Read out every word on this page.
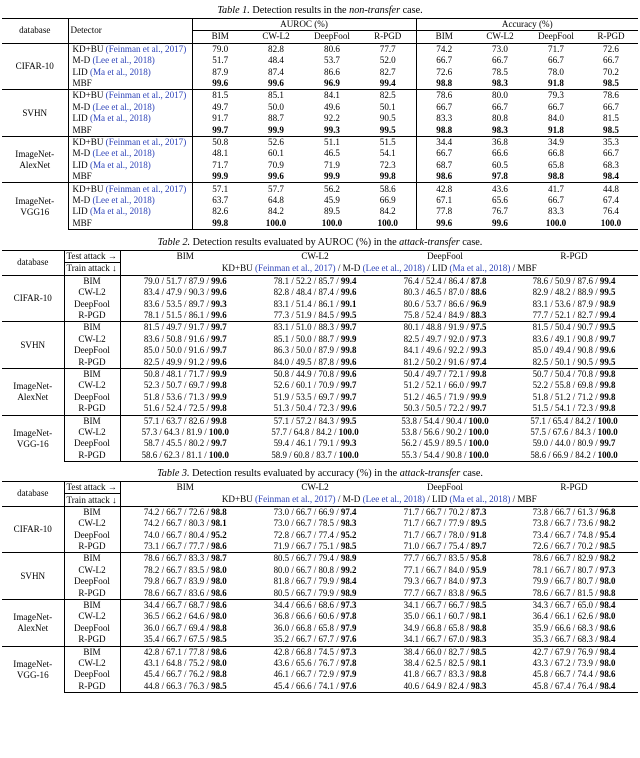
Table 1. Detection results in the non-transfer case.
database	Detector	AUROC (%)				Accuracy (%)			
		BIM	CW-L2	DeepFool	R-PGD	BIM	CW-L2	DeepFool	R-PGD
CIFAR-10	KD+BU (Feinman et al., 2017)	79.0	82.8	80.6	77.7	74.2	73.0	71.7	72.6
	M-D (Lee et al., 2018)	51.7	48.4	53.7	52.0	66.7	66.7	66.7	66.7
	LID (Ma et al., 2018)	87.9	87.4	86.6	82.7	72.6	78.5	78.0	70.2
	MBF	99.6	99.6	96.9	99.4	98.8	98.3	91.8	98.5
SVHN	KD+BU (Feinman et al., 2017)	81.5	85.1	84.1	82.5	78.6	80.0	79.3	78.6
	M-D (Lee et al., 2018)	49.7	50.0	49.6	50.1	66.7	66.7	66.7	66.7
	LID (Ma et al., 2018)	91.7	88.7	92.2	90.5	83.3	80.8	84.0	81.5
	MBF	99.7	99.9	99.3	99.5	98.8	98.3	91.8	98.5

ImageNet-
AlexNet	KD+BU (Feinman et al., 2017)	50.8	52.6	51.1	51.5	34.4	36.8	34.9	35.3
	M-D (Lee et al., 2018)	48.1	60.1	46.5	54.1	66.7	66.6	66.8	66.7
	LID (Ma et al., 2018)	71.7	70.9	71.9	72.3	68.7	60.5	65.8	68.3
	MBF	99.9	99.6	99.9	99.8	98.6	97.8	98.8	98.4

ImageNet-
VGG16	KD+BU (Feinman et al., 2017)	57.1	57.7	56.2	58.6	42.8	43.6	41.7	44.8
	M-D (Lee et al., 2018)	63.7	64.8	45.9	66.9	67.1	65.6	66.7	67.4
	LID (Ma et al., 2018)	82.6	84.2	89.5	84.2	77.8	76.7	83.3	76.4
	MBF	99.8	100.0	100.0	100.0	99.6	99.6	100.0	100.0
Table 2. Detection results evaluated by AUROC (%) in the attack-transfer case.
database	Test attack →	BIM	CW-L2	DeepFool	R-PGD
	Train attack ↓	KD+BU (Feinman et al., 2017) / M-D (Lee et al., 2018) / LID (Ma et al., 2018) / MBF			
CIFAR-10	BIM	79.0 / 51.7 / 87.9 / 99.6	78.1 / 52.2 / 85.7 / 99.4	76.4 / 52.4 / 86.4 / 87.8	78.6 / 50.9 / 87.6 / 99.4
	CW-L2	83.4 / 47.9 / 90.3 / 99.6	82.8 / 48.4 / 87.4 / 99.6	80.3 / 46.5 / 87.0 / 88.6	82.9 / 48.2 / 88.9 / 99.5
	DeepFool	83.6 / 53.5 / 89.7 / 99.3	83.1 / 51.4 / 86.1 / 99.1	80.6 / 53.7 / 86.6 / 96.9	83.1 / 53.6 / 87.9 / 98.9
	R-PGD	78.1 / 51.5 / 86.1 / 99.6	77.3 / 51.9 / 84.5 / 99.5	75.8 / 52.4 / 84.9 / 88.3	77.7 / 52.1 / 82.7 / 99.4
SVHN	BIM	81.5 / 49.7 / 91.7 / 99.7	83.1 / 51.0 / 88.3 / 99.7	80.1 / 48.8 / 91.9 / 97.5	81.5 / 50.4 / 90.7 / 99.5
	CW-L2	83.6 / 50.8 / 91.6 / 99.7	85.1 / 50.0 / 88.7 / 99.9	82.5 / 49.7 / 92.0 / 97.3	83.6 / 49.1 / 90.8 / 99.7
	DeepFool	85.0 / 50.0 / 91.6 / 99.7	86.3 / 50.0 / 87.9 / 99.8	84.1 / 49.6 / 92.2 / 99.3	85.0 / 49.4 / 90.8 / 99.6
	R-PGD	82.5 / 49.9 / 91.2 / 99.6	84.0 / 49.5 / 87.8 / 99.6	81.2 / 50.2 / 91.6 / 97.4	82.5 / 50.1 / 90.5 / 99.5

ImageNet-
AlexNet	BIM	50.8 / 48.1 / 71.7 / 99.9	50.8 / 44.9 / 70.8 / 99.6	50.4 / 49.7 / 72.1 / 99.8	50.7 / 50.4 / 70.8 / 99.8
	CW-L2	52.3 / 50.7 / 69.7 / 99.8	52.6 / 60.1 / 70.9 / 99.7	51.2 / 52.1 / 66.0 / 99.7	52.2 / 55.8 / 69.8 / 99.8
	DeepFool	51.8 / 53.6 / 71.3 / 99.9	51.9 / 53.5 / 69.7 / 99.7	51.2 / 46.5 / 71.9 / 99.9	51.8 / 51.2 / 71.2 / 99.8
	R-PGD	51.6 / 52.4 / 72.5 / 99.8	51.3 / 50.4 / 72.3 / 99.6	50.3 / 50.5 / 72.2 / 99.7	51.5 / 54.1 / 72.3 / 99.8

ImageNet-
VGG-16	BIM	57.1 / 63.7 / 82.6 / 99.8	57.1 / 57.2 / 84.3 / 99.5	53.8 / 54.4 / 90.4 / 100.0	57.1 / 65.4 / 84.2 / 100.0
	CW-L2	57.3 / 64.3 / 81.9 / 100.0	57.7 / 64.8 / 84.2 / 100.0	53.8 / 56.6 / 90.2 / 100.0	57.5 / 67.6 / 84.3 / 100.0
	DeepFool	58.7 / 45.5 / 80.2 / 99.7	59.4 / 46.1 / 79.1 / 99.3	56.2 / 45.9 / 89.5 / 100.0	59.0 / 44.0 / 80.9 / 99.7
	R-PGD	58.6 / 62.3 / 81.1 / 100.0	58.9 / 60.8 / 83.7 / 100.0	55.3 / 54.4 / 90.8 / 100.0	58.6 / 66.9 / 84.2 / 100.0
Table 3. Detection results evaluated by accuracy (%) in the attack-transfer case.
database	Test attack →	BIM	CW-L2	DeepFool	R-PGD
	Train attack ↓	KD+BU (Feinman et al., 2017) / M-D (Lee et al., 2018) / LID (Ma et al., 2018) / MBF			
CIFAR-10	BIM	74.2 / 66.7 / 72.6 / 98.8	73.0 / 66.7 / 66.9 / 97.4	71.7 / 66.7 / 70.2 / 87.3	73.8 / 66.7 / 61.3 / 96.8
	CW-L2	74.2 / 66.7 / 80.3 / 98.1	73.0 / 66.7 / 78.5 / 98.3	71.7 / 66.7 / 77.9 / 89.5	73.8 / 66.7 / 73.6 / 98.2
	DeepFool	74.0 / 66.7 / 80.4 / 95.2	72.8 / 66.7 / 77.4 / 95.2	71.7 / 66.7 / 78.0 / 91.8	73.4 / 66.7 / 74.8 / 95.4
	R-PGD	73.1 / 66.7 / 77.7 / 98.6	71.9 / 66.7 / 75.1 / 98.5	71.0 / 66.7 / 75.4 / 89.7	72.6 / 66.7 / 70.2 / 98.5
SVHN	BIM	78.6 / 66.7 / 83.3 / 98.7	80.5 / 66.7 / 79.4 / 98.9	77.7 / 66.7 / 83.5 / 95.8	78.6 / 66.7 / 82.9 / 98.2
	CW-L2	78.2 / 66.7 / 83.5 / 98.0	80.0 / 66.7 / 80.8 / 99.2	77.1 / 66.7 / 84.0 / 95.9	78.1 / 66.7 / 80.7 / 97.3
	DeepFool	79.8 / 66.7 / 83.9 / 98.0	81.8 / 66.7 / 79.9 / 98.4	79.3 / 66.7 / 84.0 / 97.3	79.9 / 66.7 / 80.7 / 98.0
	R-PGD	78.6 / 66.7 / 83.6 / 98.6	80.5 / 66.7 / 79.9 / 98.9	77.7 / 66.7 / 83.8 / 96.5	78.6 / 66.7 / 81.5 / 98.8

ImageNet-
AlexNet	BIM	34.4 / 66.7 / 68.7 / 98.6	34.4 / 66.6 / 68.6 / 97.3	34.1 / 66.7 / 66.7 / 98.5	34.3 / 66.7 / 65.0 / 98.4
	CW-L2	36.5 / 66.2 / 64.6 / 98.0	36.8 / 66.6 / 60.6 / 97.8	35.0 / 66.1 / 60.7 / 98.1	36.4 / 66.1 / 62.6 / 98.0
	DeepFool	36.0 / 66.7 / 69.4 / 98.8	36.0 / 66.8 / 65.8 / 97.9	34.9 / 66.8 / 65.8 / 98.8	35.9 / 66.6 / 68.3 / 98.6
	R-PGD	35.4 / 66.7 / 67.5 / 98.5	35.2 / 66.7 / 67.7 / 97.6	34.1 / 66.7 / 67.0 / 98.3	35.3 / 66.7 / 68.3 / 98.4

ImageNet-
VGG-16	BIM	42.8 / 67.1 / 77.8 / 98.6	42.8 / 66.8 / 74.5 / 97.3	38.4 / 66.0 / 82.7 / 98.5	42.7 / 67.9 / 76.9 / 98.4
	CW-L2	43.1 / 64.8 / 75.2 / 98.0	43.6 / 65.6 / 76.7 / 97.8	38.4 / 62.5 / 82.5 / 98.1	43.3 / 67.2 / 73.9 / 98.0
	DeepFool	45.4 / 66.7 / 76.2 / 98.8	46.1 / 66.7 / 72.9 / 97.9	41.8 / 66.7 / 83.3 / 98.8	45.8 / 66.7 / 74.4 / 98.6
	R-PGD	44.8 / 66.3 / 76.3 / 98.5	45.4 / 66.6 / 74.1 / 97.6	40.6 / 64.9 / 82.4 / 98.3	45.8 / 67.4 / 76.4 / 98.4
